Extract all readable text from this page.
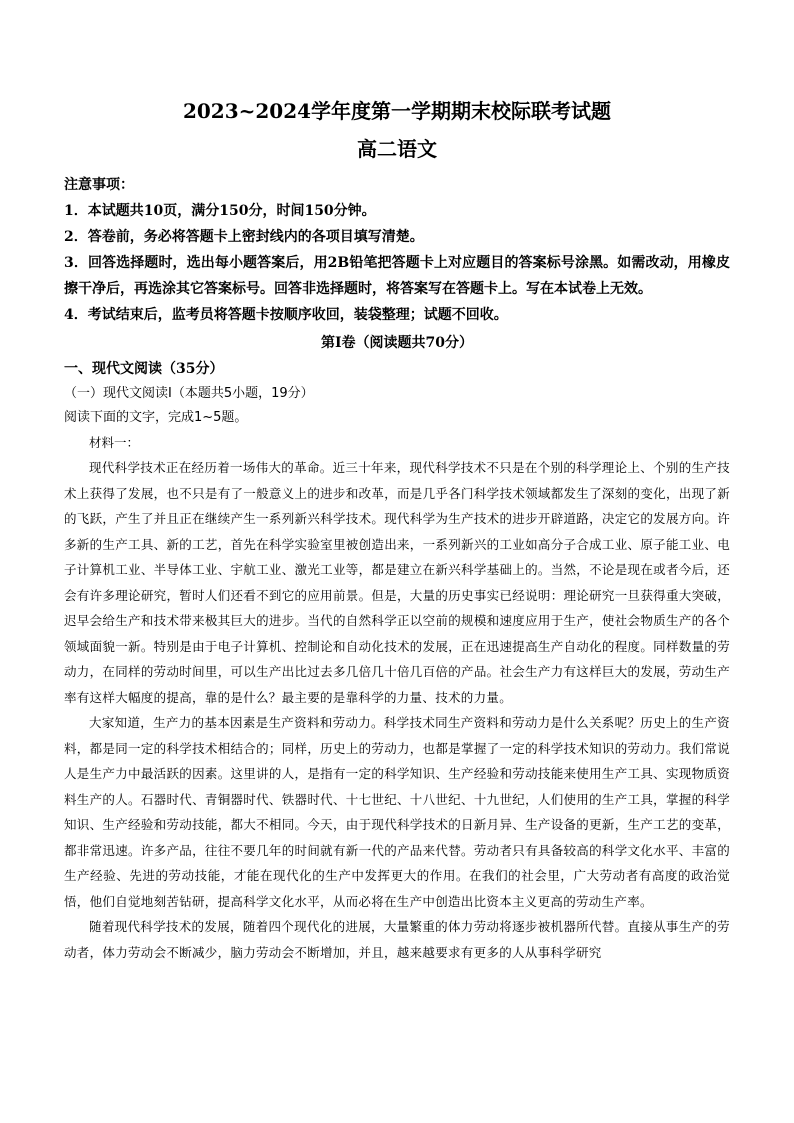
2023~2024学年度第一学期期末校际联考试题

高二语文

注意事项：

1．本试题共10页，满分150分，时间150分钟。

2．答卷前，务必将答题卡上密封线内的各项目填写清楚。

3．回答选择题时，选出每小题答案后，用2B铅笔把答题卡上对应题目的答案标号涂黑。如需改动，用橡皮擦干净后，再选涂其它答案标号。回答非选择题时，将答案写在答题卡上。写在本试卷上无效。

4．考试结束后，监考员将答题卡按顺序收回，装袋整理；试题不回收。

第Ⅰ卷（阅读题共70分）

一、现代文阅读（35分）

（一）现代文阅读Ⅰ（本题共5小题，19分）

阅读下面的文字，完成1~5题。

材料一：

现代科学技术正在经历着一场伟大的革命。近三十年来，现代科学技术不只是在个别的科学理论上、个别的生产技术上获得了发展，也不只是有了一般意义上的进步和改革，而是几乎各门科学技术领域都发生了深刻的变化，出现了新的飞跃，产生了并且正在继续产生一系列新兴科学技术。现代科学为生产技术的进步开辟道路，决定它的发展方向。许多新的生产工具、新的工艺，首先在科学实验室里被创造出来，一系列新兴的工业如高分子合成工业、原子能工业、电子计算机工业、半导体工业、宇航工业、激光工业等，都是建立在新兴科学基础上的。当然，不论是现在或者今后，还会有许多理论研究，暂时人们还看不到它的应用前景。但是，大量的历史事实已经说明：理论研究一旦获得重大突破，迟早会给生产和技术带来极其巨大的进步。当代的自然科学正以空前的规模和速度应用于生产，使社会物质生产的各个领域面貌一新。特别是由于电子计算机、控制论和自动化技术的发展，正在迅速提高生产自动化的程度。同样数量的劳动力，在同样的劳动时间里，可以生产出比过去多几倍几十倍几百倍的产品。社会生产力有这样巨大的发展，劳动生产率有这样大幅度的提高，靠的是什么？最主要的是靠科学的力量、技术的力量。

大家知道，生产力的基本因素是生产资料和劳动力。科学技术同生产资料和劳动力是什么关系呢？历史上的生产资料，都是同一定的科学技术相结合的；同样，历史上的劳动力，也都是掌握了一定的科学技术知识的劳动力。我们常说人是生产力中最活跃的因素。这里讲的人，是指有一定的科学知识、生产经验和劳动技能来使用生产工具、实现物质资料生产的人。石器时代、青铜器时代、铁器时代、十七世纪、十八世纪、十九世纪，人们使用的生产工具，掌握的科学知识、生产经验和劳动技能，都大不相同。今天，由于现代科学技术的日新月异、生产设备的更新，生产工艺的变革，都非常迅速。许多产品，往往不要几年的时间就有新一代的产品来代替。劳动者只有具备较高的科学文化水平、丰富的生产经验、先进的劳动技能，才能在现代化的生产中发挥更大的作用。在我们的社会里，广大劳动者有高度的政治觉悟，他们自觉地刻苦钻研，提高科学文化水平，从而必将在生产中创造出比资本主义更高的劳动生产率。

随着现代科学技术的发展，随着四个现代化的进展，大量繁重的体力劳动将逐步被机器所代替。直接从事生产的劳动者，体力劳动会不断减少，脑力劳动会不断增加，并且，越来越要求有更多的人从事科学研究
